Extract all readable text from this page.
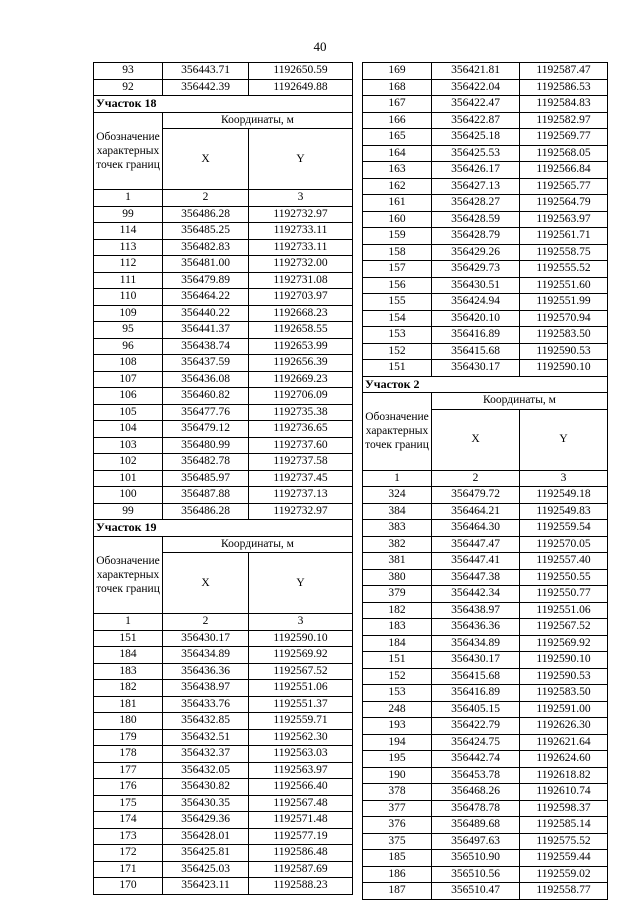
40
93	356443.71	1192650.59
92	356442.39	1192649.88
Участок 18		
Обозначение характерных точек границ	Координаты, м	
	X	Y
1	2	3
99	356486.28	1192732.97
114	356485.25	1192733.11
113	356482.83	1192733.11
112	356481.00	1192732.00
111	356479.89	1192731.08
110	356464.22	1192703.97
109	356440.22	1192668.23
95	356441.37	1192658.55
96	356438.74	1192653.99
108	356437.59	1192656.39
107	356436.08	1192669.23
106	356460.82	1192706.09
105	356477.76	1192735.38
104	356479.12	1192736.65
103	356480.99	1192737.60
102	356482.78	1192737.58
101	356485.97	1192737.45
100	356487.88	1192737.13
99	356486.28	1192732.97
Участок 19		
Обозначение характерных точек границ	Координаты, м	
	X	Y
1	2	3
151	356430.17	1192590.10
184	356434.89	1192569.92
183	356436.36	1192567.52
182	356438.97	1192551.06
181	356433.76	1192551.37
180	356432.85	1192559.71
179	356432.51	1192562.30
178	356432.37	1192563.03
177	356432.05	1192563.97
176	356430.82	1192566.40
175	356430.35	1192567.48
174	356429.36	1192571.48
173	356428.01	1192577.19
172	356425.81	1192586.48
171	356425.03	1192587.69
170	356423.11	1192588.23
169	356421.81	1192587.47
168	356422.04	1192586.53
167	356422.47	1192584.83
166	356422.87	1192582.97
165	356425.18	1192569.77
164	356425.53	1192568.05
163	356426.17	1192566.84
162	356427.13	1192565.77
161	356428.27	1192564.79
160	356428.59	1192563.97
159	356428.79	1192561.71
158	356429.26	1192558.75
157	356429.73	1192555.52
156	356430.51	1192551.60
155	356424.94	1192551.99
154	356420.10	1192570.94
153	356416.89	1192583.50
152	356415.68	1192590.53
151	356430.17	1192590.10
Участок 2		
Обозначение характерных точек границ	Координаты, м	
	X	Y
1	2	3
324	356479.72	1192549.18
384	356464.21	1192549.83
383	356464.30	1192559.54
382	356447.47	1192570.05
381	356447.41	1192557.40
380	356447.38	1192550.55
379	356442.34	1192550.77
182	356438.97	1192551.06
183	356436.36	1192567.52
184	356434.89	1192569.92
151	356430.17	1192590.10
152	356415.68	1192590.53
153	356416.89	1192583.50
248	356405.15	1192591.00
193	356422.79	1192626.30
194	356424.75	1192621.64
195	356442.74	1192624.60
190	356453.78	1192618.82
378	356468.26	1192610.74
377	356478.78	1192598.37
376	356489.68	1192585.14
375	356497.63	1192575.52
185	356510.90	1192559.44
186	356510.56	1192559.02
187	356510.47	1192558.77
